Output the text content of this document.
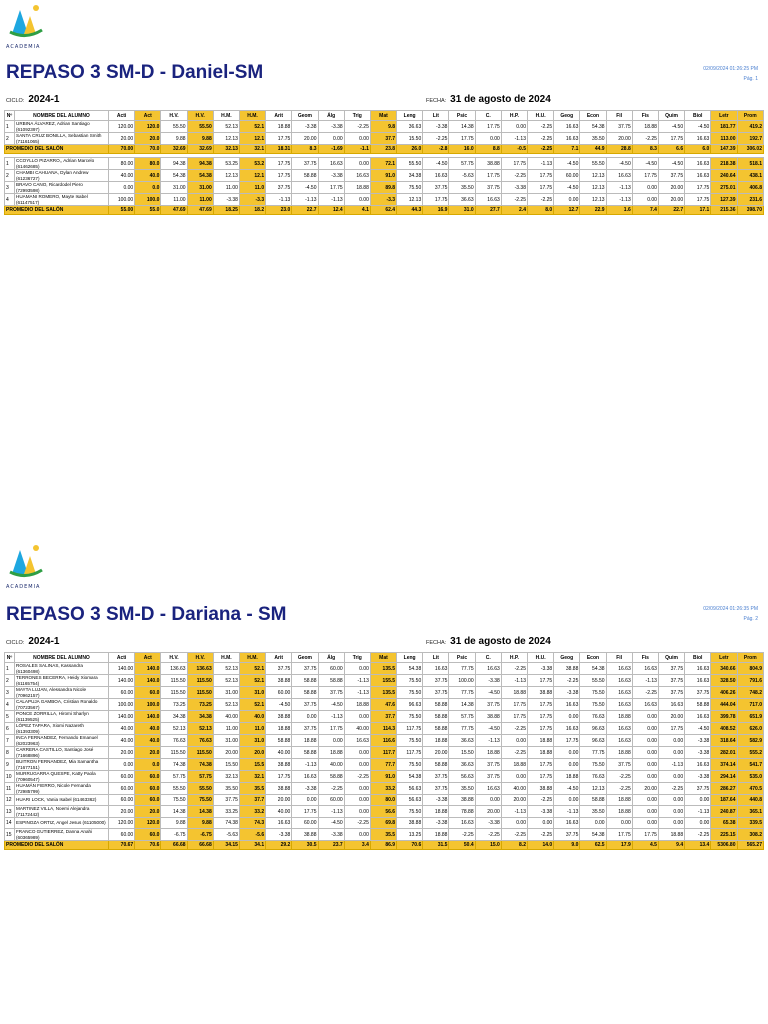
ACADEMIA
REPASO 3 SM-D - Daniel-SM	02/09/2024 01:26:25 PM
Pág. 1
CICLO: 2024-1	FECHA: 31 de agosto de 2024
Nº	NOMBRE DEL ALUMNO	Acti	Act	H.V.	H.V.	H.M.	H.M.	Arit	Geom	Álg	Trig	Mat	Leng	Lit	Psic	C.	H.P.	H.U.	Geog	Econ	Fil	Fis	Quim	Biol	Letr	Prom
1	URBINA ÁLVAREZ, Adrian Santiago (61092397)	120.00	120.0	55.50	55.50	52.13	52.1	18.88	-3.38	-3.38	-2.25	9.8	36.63	-3.38	14.38	17.75	0.00	-2.25	16.63	54.38	37.75	18.88	-4.50	-4.50	181.77	419.2
2	SANTA CRUZ BONILLA, Sebastian Smith (71161065)	20.00	20.0	9.88	9.88	12.13	12.1	17.75	20.00	0.00	0.00	37.7	15.50	-2.25	17.75	0.00	-1.13	-2.25	16.63	35.50	20.00	-2.25	17.75	16.63	113.00	192.7
PROMEDIO DEL SALÓN		70.00	70.0	32.69	32.69	32.13	32.1	18.31	8.3	-1.69	-1.1	23.8	26.0	-2.8	16.0	8.8	-0.5	-2.25	7.1	44.9	28.8	8.3	6.6	6.0	147.39	306.02

1	CCOYLLO PIZARRO,, Adrian Marcelo (61462685)	80.00	80.0	94.38	94.38	53.25	53.2	17.75	37.75	16.63	0.00	72.1	55.50	-4.50	57.75	38.88	17.75	-1.13	-4.50	55.50	-4.50	-4.50	-4.50	16.63	218.38	518.1
2	CHAMBI CAHUANA, Dylan Andrew (61236727)	40.00	40.0	54.38	54.38	12.13	12.1	17.75	58.88	-3.38	16.63	91.0	34.38	16.63	-5.63	17.75	-2.25	17.75	60.00	12.13	16.63	17.75	37.75	16.63	240.64	438.1
3	BRAVO CANO, Ricardodel Piero (72993598)	0.00	0.0	31.00	31.00	11.00	11.0	37.75	-4.50	17.75	18.88	89.8	75.50	37.75	35.50	37.75	-3.38	17.75	-4.50	12.13	-1.13	0.00	20.00	17.75	275.01	406.8
4	HUAMANI ROMERO, Mayte Isabel (61147517)	100.00	100.0	11.00	11.00	-3.38	-3.3	-1.13	-1.13	-1.13	0.00	-3.3	12.13	17.75	36.63	16.63	-2.25	-2.25	0.00	12.13	-1.13	0.00	20.00	17.75	127.39	231.6
PROMEDIO DEL SALÓN		55.00	55.0	47.69	47.69	18.25	18.2	23.0	22.7	12.4	4.1	62.4	44.3	16.9	31.0	27.7	2.4	8.0	12.7	22.9	1.6	7.4	22.7	17.1	215.36	398.70
ACADEMIA
REPASO 3 SM-D - Dariana - SM	02/09/2024 01:26:35 PM
Pág. 2
CICLO: 2024-1	FECHA: 31 de agosto de 2024
Nº	NOMBRE DEL ALUMNO	Acti	Act	H.V.	H.V.	H.M.	H.M.	Arit	Geom	Álg	Trig	Mat	Leng	Lit	Psic	C.	H.P.	H.U.	Geog	Econ	Fil	Fis	Quim	Biol	Letr	Prom
1	ROSALES SALINAS, Kassandra (61360498)	140.00	140.0	136.63	136.63	52.13	52.1	37.75	37.75	60.00	0.00	135.5	54.38	16.63	77.75	16.63	-2.25	-3.38	38.88	54.38	16.63	16.63	37.75	16.63	340.66	804.9
2	TERRONES BECERRA, Heidy Xiomara (61165754)	140.00	140.0	115.50	115.50	52.13	52.1	38.88	58.88	58.88	-1.13	155.5	75.50	37.75	100.00	-3.38	-1.13	17.75	-2.25	55.50	16.63	-1.13	37.75	16.63	328.50	791.6
3	MAYTA LUJAN, Alessandra Nicole (70962157)	60.00	60.0	115.50	115.50	31.00	31.0	60.00	58.88	37.75	-1.13	135.5	75.50	37.75	77.75	-4.50	18.88	38.88	-3.38	75.50	16.63	-2.25	37.75	37.75	406.26	748.2
4	CALAPUJA GAMBOA, Cristian Ronaldo (70723567)	100.00	100.0	73.25	73.25	52.13	52.1	-4.50	37.75	-4.50	18.88	47.6	96.63	58.88	14.38	37.75	17.75	17.75	16.63	75.50	16.63	16.63	16.63	58.88	444.04	717.0
5	PONCE ZORRILLA, Hiromi Sharlyn (61139525)	140.00	140.0	34.38	34.38	40.00	40.0	38.88	0.00	-1.13	0.00	37.7	75.50	58.88	57.75	38.88	17.75	17.75	0.00	76.63	18.88	0.00	20.00	16.63	399.78	651.9
6	LÓPEZ TAPARA, Xiomi Nazareth (61393309)	40.00	40.0	52.13	52.13	11.00	11.0	18.88	37.75	17.75	40.00	114.3	117.75	58.88	77.75	-4.50	-2.25	17.75	16.63	96.63	16.63	0.00	17.75	-4.50	408.52	626.0
7	INCA FERNANDEZ, Fernando Emanuel (62023963)	40.00	40.0	76.63	76.63	31.00	31.0	58.88	18.88	0.00	16.63	116.6	75.50	18.88	36.63	-1.13	0.00	18.88	17.75	96.63	16.63	0.00	0.00	-3.38	318.64	582.9
8	CARRERA CASTILLO, Santiago José (71668896)	20.00	20.0	115.50	115.50	20.00	20.0	40.00	58.88	18.88	0.00	117.7	117.75	20.00	15.50	18.88	-2.25	18.88	0.00	77.75	18.88	0.00	0.00	-3.38	282.01	555.2
9	BUITRON FERNANDEZ, Mia Samantha (71677151)	0.00	0.0	74.38	74.38	15.50	15.5	38.88	-1.13	40.00	0.00	77.7	75.50	58.88	36.63	37.75	18.88	17.75	0.00	75.50	37.75	0.00	-1.13	16.63	374.14	541.7
10	MURRUGARRA QUESPE, Katty Paola (70960547)	60.00	60.0	57.75	57.75	32.13	32.1	17.75	16.63	58.88	-2.25	91.0	54.38	37.75	56.63	37.75	0.00	17.75	18.88	76.63	-2.25	0.00	0.00	-3.38	294.14	535.0
11	HUAMÁN FIERRO, Nicole Fernanda (72985799)	60.00	60.0	55.50	55.50	35.50	35.5	38.88	-3.38	-2.25	0.00	33.2	56.63	37.75	35.50	16.63	40.00	38.88	-4.50	12.13	-2.25	20.00	-2.25	37.75	286.27	470.5
12	HUARI LOCK, Vania Isabel (61463362)	60.00	60.0	75.50	75.50	37.75	37.7	20.00	0.00	60.00	0.00	80.0	56.63	-3.38	38.88	0.00	20.00	-2.25	0.00	58.88	18.88	0.00	0.00	0.00	187.64	440.8
13	MARTINEZ VILLA, Noemi Alejandra (71172442)	20.00	20.0	14.38	14.38	33.25	33.2	40.00	17.75	-1.13	0.00	56.6	75.50	18.88	78.88	20.00	-1.13	-3.38	-1.13	35.50	18.88	0.00	0.00	-1.13	240.87	365.1
14	ESPINOZA ORTIZ, Angel Jesus (61105000)	120.00	120.0	9.88	9.88	74.38	74.3	16.63	60.00	-4.50	-2.25	69.8	38.88	-3.38	16.63	-3.38	0.00	0.00	16.63	0.00	0.00	0.00	0.00	0.00	65.38	339.5
15	FRANCO GUTIERREZ, Danna Anahi (60365989)	60.00	60.0	-6.75	-6.75	-5.63	-5.6	-3.38	38.88	-3.38	0.00	35.5	13.25	18.88	-2.25	-2.25	-2.25	-2.25	37.75	54.38	17.75	17.75	18.88	-2.25	225.15	308.2
PROMEDIO DEL SALÓN		70.67	70.6	66.68	66.68	34.15	34.1	29.2	30.5	23.7	3.4	86.9	70.6	31.5	50.4	15.0	8.2	14.0	9.0	62.5	17.9	4.5	9.4	13.4	5306.80	565.27
